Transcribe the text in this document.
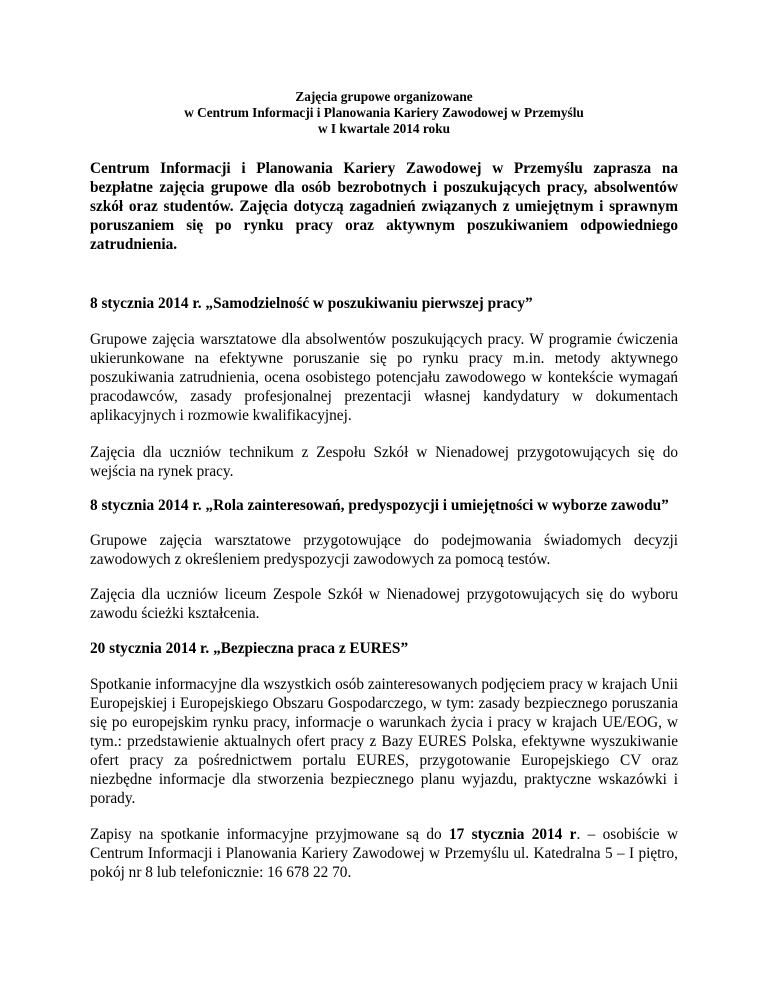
Zajęcia grupowe organizowane
w Centrum Informacji i Planowania Kariery Zawodowej w Przemyślu
w I kwartale 2014 roku

Centrum Informacji i Planowania Kariery Zawodowej w Przemyślu zaprasza na bezpłatne zajęcia grupowe dla osób bezrobotnych i poszukujących pracy, absolwentów szkół oraz studentów. Zajęcia dotyczą zagadnień związanych z umiejętnym i sprawnym poruszaniem się po rynku pracy oraz aktywnym poszukiwaniem odpowiedniego zatrudnienia.

8 stycznia 2014 r. „Samodzielność w poszukiwaniu pierwszej pracy”
Grupowe zajęcia warsztatowe dla absolwentów poszukujących pracy. W programie ćwiczenia ukierunkowane na efektywne poruszanie się po rynku pracy m.in. metody aktywnego poszukiwania zatrudnienia, ocena osobistego potencjału zawodowego w kontekście wymagań pracodawców, zasady profesjonalnej prezentacji własnej kandydatury w dokumentach aplikacyjnych i rozmowie kwalifikacyjnej.
Zajęcia dla uczniów technikum z Zespołu Szkół w Nienadowej przygotowujących się do wejścia na rynek pracy.
8 stycznia 2014 r. „Rola zainteresowań, predyspozycji i umiejętności w wyborze zawodu”
Grupowe zajęcia warsztatowe przygotowujące do podejmowania świadomych decyzji zawodowych z określeniem predyspozycji zawodowych za pomocą testów.
Zajęcia dla uczniów liceum Zespole Szkół w Nienadowej przygotowujących się do wyboru zawodu ścieżki kształcenia.
20 stycznia 2014 r. „Bezpieczna praca z EURES”
Spotkanie informacyjne dla wszystkich osób zainteresowanych podjęciem pracy w krajach Unii Europejskiej i Europejskiego Obszaru Gospodarczego, w tym: zasady bezpiecznego poruszania się po europejskim rynku pracy, informacje o warunkach życia i pracy w krajach UE/EOG, w tym.: przedstawienie aktualnych ofert pracy z Bazy EURES Polska, efektywne wyszukiwanie ofert pracy za pośrednictwem portalu EURES, przygotowanie Europejskiego CV oraz niezbędne informacje dla stworzenia bezpiecznego planu wyjazdu, praktyczne wskazówki i porady.
Zapisy na spotkanie informacyjne przyjmowane są do 17 stycznia 2014 r. – osobiście w Centrum Informacji i Planowania Kariery Zawodowej w Przemyślu ul. Katedralna 5 – I piętro, pokój nr 8 lub telefonicznie: 16 678 22 70.
